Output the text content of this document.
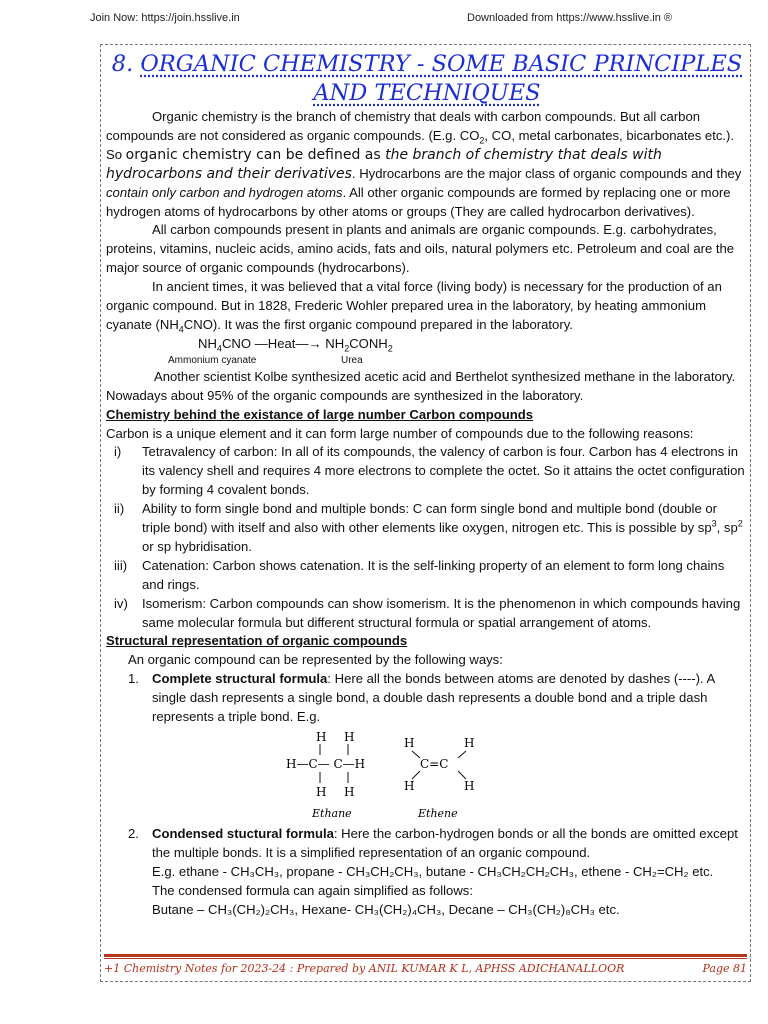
Join Now: https://join.hsslive.in	Downloaded from https://www.hsslive.in ®
8. ORGANIC CHEMISTRY - SOME BASIC PRINCIPLES
AND TECHNIQUES

Organic chemistry is the branch of chemistry that deals with carbon compounds. But all carbon compounds are not considered as organic compounds. (E.g. $CO_2$, CO, metal carbonates, bicarbonates etc.). So organic chemistry can be defined as the branch of chemistry that deals with hydrocarbons and their derivatives. Hydrocarbons are the major class of organic compounds and they contain only carbon and hydrogen atoms. All other organic compounds are formed by replacing one or more hydrogen atoms of hydrocarbons by other atoms or groups (They are called hydrocarbon derivatives).

All carbon compounds present in plants and animals are organic compounds. E.g. carbohydrates, proteins, vitamins, nucleic acids, amino acids, fats and oils, natural polymers etc. Petroleum and coal are the major source of organic compounds (hydrocarbons).

In ancient times, it was believed that a vital force (living body) is necessary for the production of an organic compound. But in 1828, Frederic Wohler prepared urea in the laboratory, by heating ammonium cyanate $(NH_4CNO)$. It was the first organic compound prepared in the laboratory.

$NH_4CNO$ —Heat—→ $NH_2CONH_2$
Ammonium cyanate	Urea

Another scientist Kolbe synthesized acetic acid and Berthelot synthesized methane in the laboratory. Nowadays about 95% of the organic compounds are synthesized in the laboratory.

Chemistry behind the existance of large number Carbon compounds

Carbon is a unique element and it can form large number of compounds due to the following reasons:

i) Tetravalency of carbon: In all of its compounds, the valency of carbon is four. Carbon has 4 electrons in its valency shell and requires 4 more electrons to complete the octet. So it attains the octet configuration by forming 4 covalent bonds.
ii) Ability to form single bond and multiple bonds: C can form single bond and multiple bond (double or triple bond) with itself and also with other elements like oxygen, nitrogen etc. This is possible by $sp^3$, $sp^2$ or sp hybridisation.
iii) Catenation: Carbon shows catenation. It is the self-linking property of an element to form long chains and rings.
iv) Isomerism: Carbon compounds can show isomerism. It is the phenomenon in which compounds having same molecular formula but different structural formula or spatial arrangement of atoms.

Structural representation of organic compounds

An organic compound can be represented by the following ways:

1. Complete structural formula: Here all the bonds between atoms are denoted by dashes (----). A single dash represents a single bond, a double dash represents a double bond and a triple dash represents a triple bond. E.g.
H H
H—C— C—H
H H
Ethane
H	H
C=C
H	H
Ethene
2. Condensed stuctural formula: Here the carbon-hydrogen bonds or all the bonds are omitted except the multiple bonds. It is a simplified representation of an organic compound.
E.g. ethane - CH₃CH₃, propane - CH₃CH₂CH₃, butane - CH₃CH₂CH₂CH₃, ethene - CH₂=CH₂ etc.
The condensed formula can again simplified as follows:
Butane – CH₃(CH₂)₂CH₃, Hexane- CH₃(CH₂)₄CH₃, Decane – CH₃(CH₂)₈CH₃ etc.
+1 Chemistry Notes for 2023-24 : Prepared by ANIL KUMAR K L, APHSS ADICHANALLOOR	Page 81
